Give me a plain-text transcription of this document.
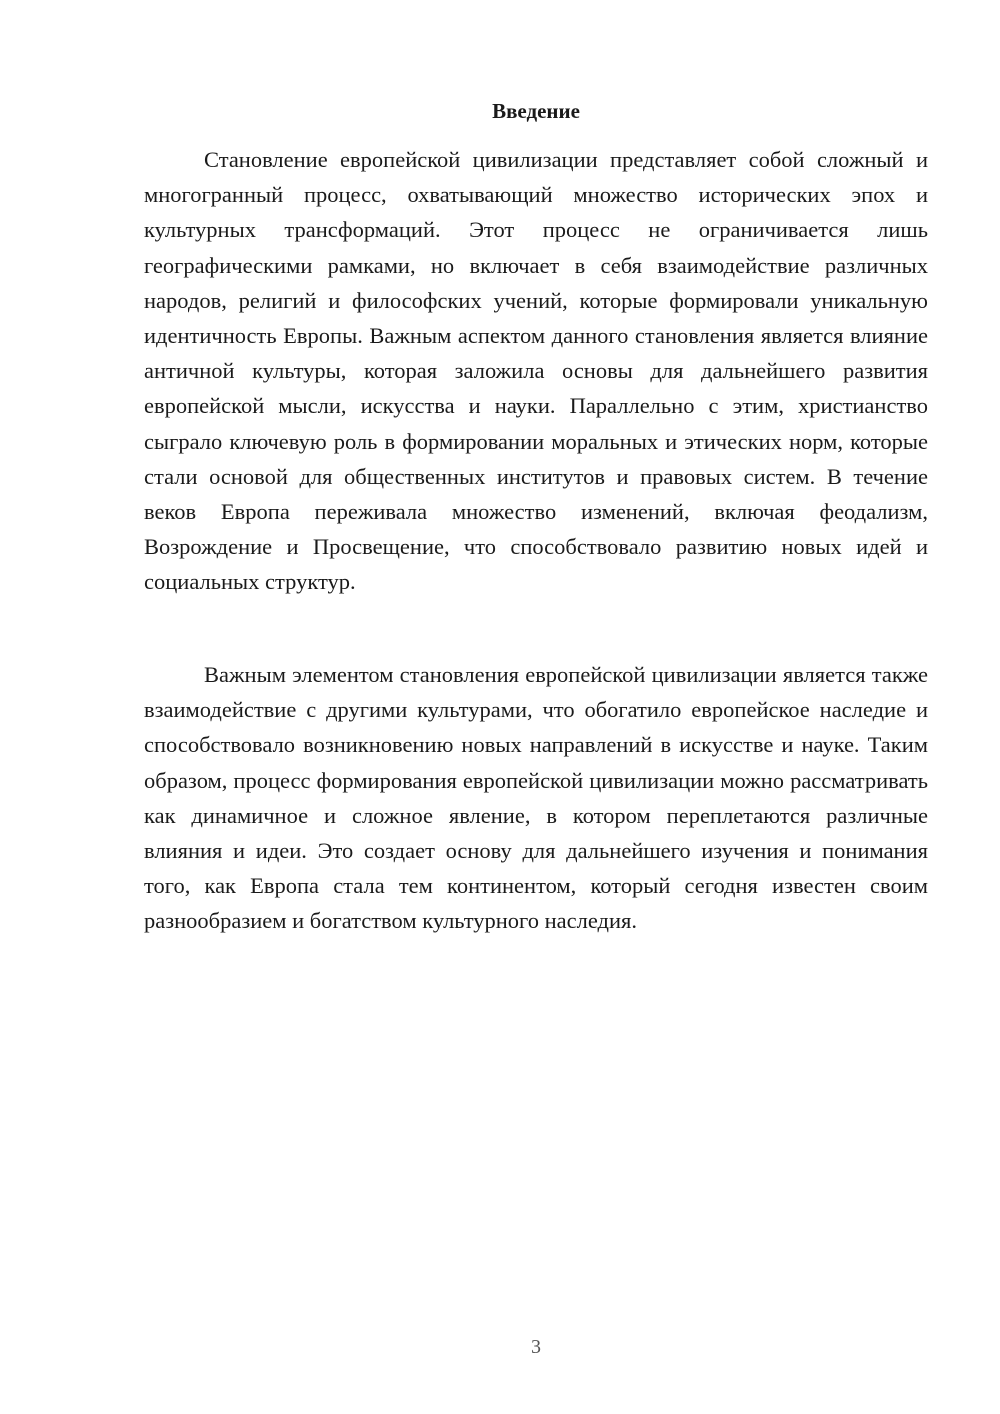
Введение

Становление европейской цивилизации представляет собой сложный и многогранный процесс, охватывающий множество исторических эпох и культурных трансформаций. Этот процесс не ограничивается лишь географическими рамками, но включает в себя взаимодействие различных народов, религий и философских учений, которые формировали уникальную идентичность Европы. Важным аспектом данного становления является влияние античной культуры, которая заложила основы для дальнейшего развития европейской мысли, искусства и науки. Параллельно с этим, христианство сыграло ключевую роль в формировании моральных и этических норм, которые стали основой для общественных институтов и правовых систем. В течение веков Европа переживала множество изменений, включая феодализм, Возрождение и Просвещение, что способствовало развитию новых идей и социальных структур.

Важным элементом становления европейской цивилизации является также взаимодействие с другими культурами, что обогатило европейское наследие и способствовало возникновению новых направлений в искусстве и науке. Таким образом, процесс формирования европейской цивилизации можно рассматривать как динамичное и сложное явление, в котором переплетаются различные влияния и идеи. Это создает основу для дальнейшего изучения и понимания того, как Европа стала тем континентом, который сегодня известен своим разнообразием и богатством культурного наследия.

3
